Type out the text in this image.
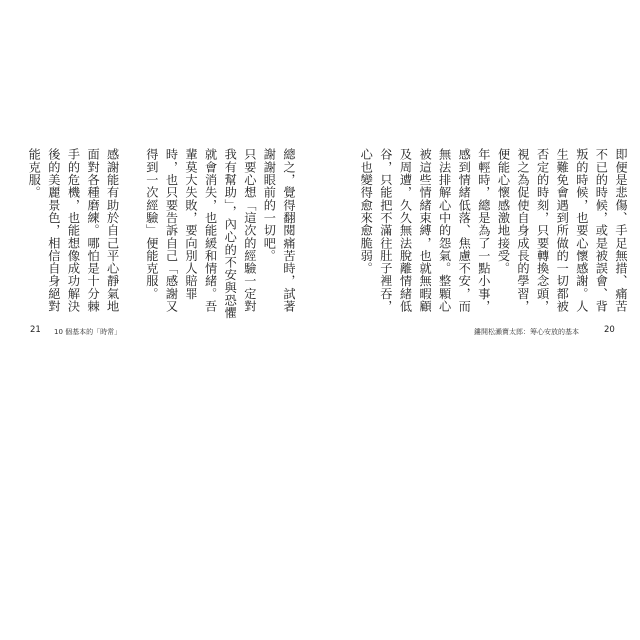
總之，覺得翻閱痛苦時，試著謝謝眼前的一切吧。

只要心想「這次的經驗一定對我有幫助」，內心的不安與恐懼就會消失，也能緩和情緒。吾輩莫大失敗，要向別人賠罪時，也只要告訴自己「感謝又得到一次經驗」便能克服。

感謝能有助於自己平心靜氣地面對各種磨練。哪怕是十分棘手的危機，也能想像成功解決後的美麗景色，相信自身絕對能克服。

21 10 個基本的「時常」

即便是悲傷、手足無措、痛苦不已的時候，或是被誤會、背叛的時候，也要心懷感謝。人生難免會遇到所做的一切都被否定的時刻，只要轉換念頭，視之為促使自身成長的學習，便能心懷感激地接受。

年輕時，總是為了一點小事，感到情緒低落、焦慮不安，而無法排解心中的怨氣。整顆心被這些情緒束縛，也就無暇顧及周遭，久久無法脫離情緒低谷，只能把不滿往肚子裡吞，心也變得愈來愈脆弱。

鏤開松瀨寶太郎：筹心安放的基本	20
